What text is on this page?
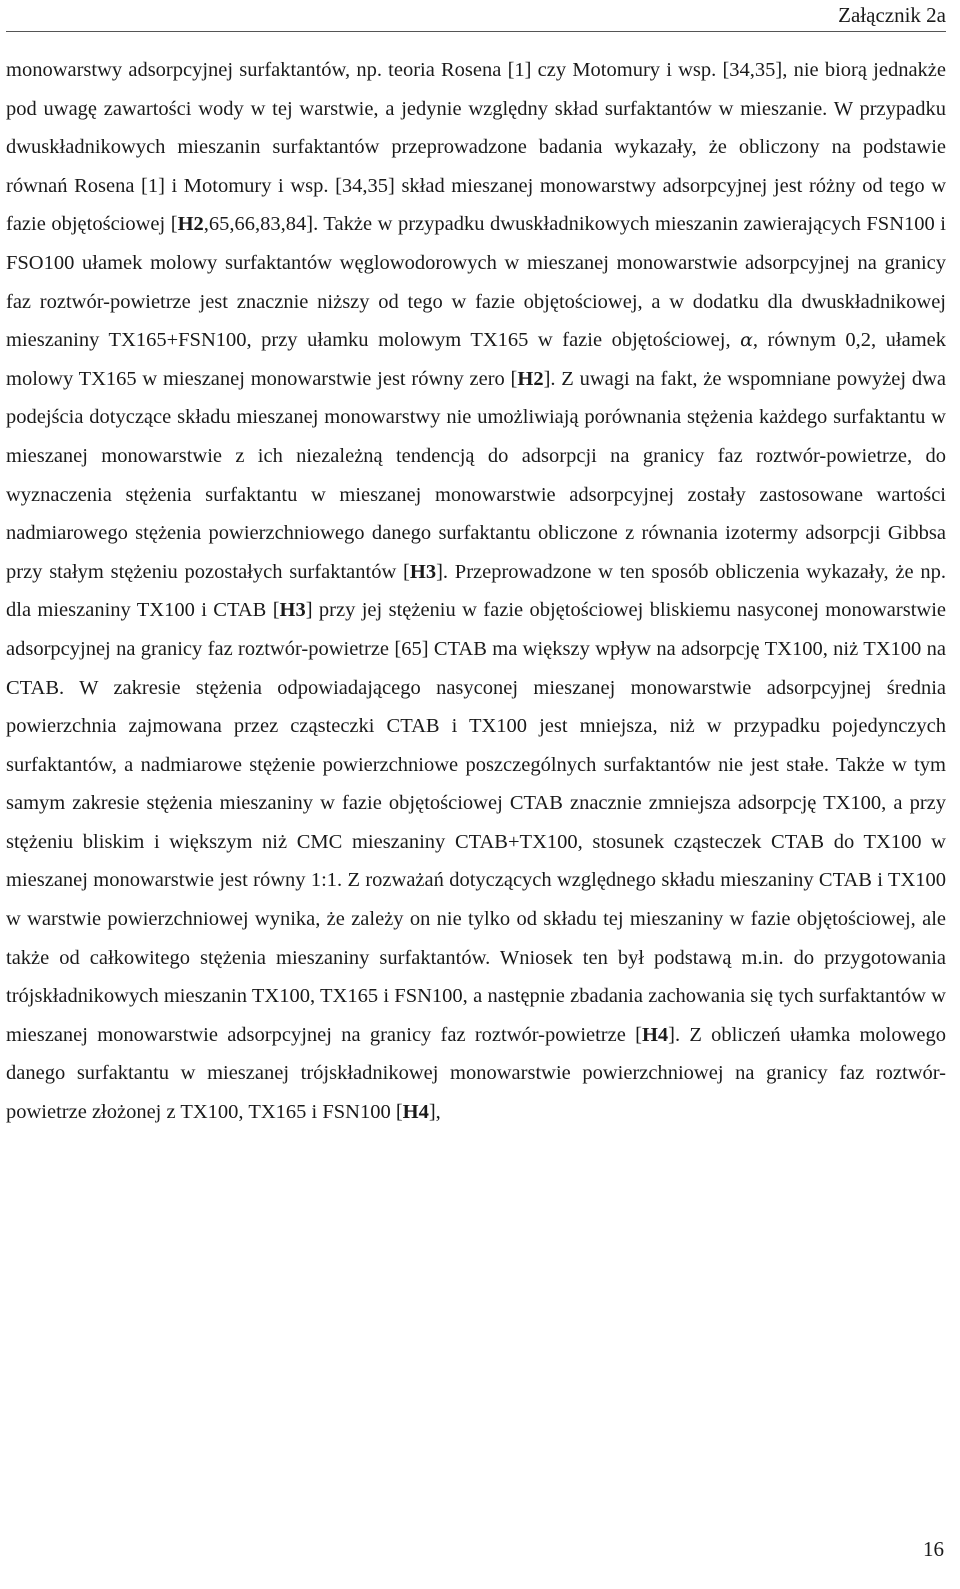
Załącznik 2a

monowarstwy adsorpcyjnej surfaktantów, np. teoria Rosena [1] czy Motomury i wsp. [34,35], nie biorą jednakże pod uwagę zawartości wody w tej warstwie, a jedynie względny skład surfaktantów w mieszanie. W przypadku dwuskładnikowych mieszanin surfaktantów przeprowadzone badania wykazały, że obliczony na podstawie równań Rosena [1] i Motomury i wsp. [34,35] skład mieszanej monowarstwy adsorpcyjnej jest różny od tego w fazie objętościowej [H2,65,66,83,84]. Także w przypadku dwuskładnikowych mieszanin zawierających FSN100 i FSO100 ułamek molowy surfaktantów węglowodorowych w mieszanej monowarstwie adsorpcyjnej na granicy faz roztwór-powietrze jest znacznie niższy od tego w fazie objętościowej, a w dodatku dla dwuskładnikowej mieszaniny TX165+FSN100, przy ułamku molowym TX165 w fazie objętościowej, α, równym 0,2, ułamek molowy TX165 w mieszanej monowarstwie jest równy zero [H2]. Z uwagi na fakt, że wspomniane powyżej dwa podejścia dotyczące składu mieszanej monowarstwy nie umożliwiają porównania stężenia każdego surfaktantu w mieszanej monowarstwie z ich niezależną tendencją do adsorpcji na granicy faz roztwór-powietrze, do wyznaczenia stężenia surfaktantu w mieszanej monowarstwie adsorpcyjnej zostały zastosowane wartości nadmiarowego stężenia powierzchniowego danego surfaktantu obliczone z równania izotermy adsorpcji Gibbsa przy stałym stężeniu pozostałych surfaktantów [H3]. Przeprowadzone w ten sposób obliczenia wykazały, że np. dla mieszaniny TX100 i CTAB [H3] przy jej stężeniu w fazie objętościowej bliskiemu nasyconej monowarstwie adsorpcyjnej na granicy faz roztwór-powietrze [65] CTAB ma większy wpływ na adsorpcję TX100, niż TX100 na CTAB. W zakresie stężenia odpowiadającego nasyconej mieszanej monowarstwie adsorpcyjnej średnia powierzchnia zajmowana przez cząsteczki CTAB i TX100 jest mniejsza, niż w przypadku pojedynczych surfaktantów, a nadmiarowe stężenie powierzchniowe poszczególnych surfaktantów nie jest stałe. Także w tym samym zakresie stężenia mieszaniny w fazie objętościowej CTAB znacznie zmniejsza adsorpcję TX100, a przy stężeniu bliskim i większym niż CMC mieszaniny CTAB+TX100, stosunek cząsteczek CTAB do TX100 w mieszanej monowarstwie jest równy 1:1. Z rozważań dotyczących względnego składu mieszaniny CTAB i TX100 w warstwie powierzchniowej wynika, że zależy on nie tylko od składu tej mieszaniny w fazie objętościowej, ale także od całkowitego stężenia mieszaniny surfaktantów. Wniosek ten był podstawą m.in. do przygotowania trójskładnikowych mieszanin TX100, TX165 i FSN100, a następnie zbadania zachowania się tych surfaktantów w mieszanej monowarstwie adsorpcyjnej na granicy faz roztwór-powietrze [H4]. Z obliczeń ułamka molowego danego surfaktantu w mieszanej trójskładnikowej monowarstwie powierzchniowej na granicy faz roztwór-powietrze złożonej z TX100, TX165 i FSN100 [H4],

16
